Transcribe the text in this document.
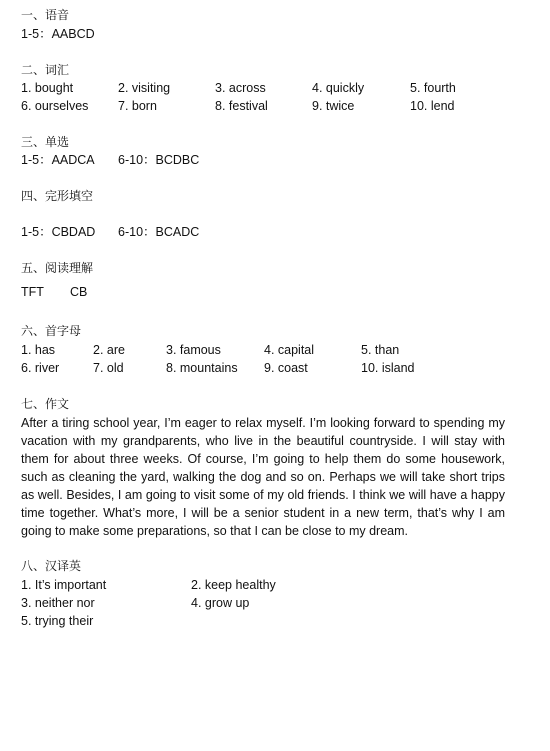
一、语音
1-5：AABCD
二、词汇
1. bought	2. visiting	3. across	4. quickly	5. fourth
6. ourselves 7. born	8. festival	9. twice	10. lend
三、单选
1-5：AADCA 6-10：BCDBC
四、完形填空
1-5：CBDAD 6-10：BCADC
五、阅读理解
TFT CB
六、首字母
1. has	2. are	3. famous	4. capital	5. than
6. river	7. old	8. mountains 9. coast	10. island
七、作文
After a tiring school year, I’m eager to relax myself. I’m looking forward to spending my vacation with my grandparents, who live in the beautiful countryside. I will stay with them for about three weeks. Of course, I’m going to help them do some housework, such as cleaning the yard, walking the dog and so on. Perhaps we will take short trips as well. Besides, I am going to visit some of my old friends. I think we will have a happy time together. What’s more, I will be a senior student in a new term, that’s why I am going to make some preparations, so that I can be close to my dream.
八、汉译英
1. It’s important	2. keep healthy
3. neither nor	4. grow up
5. trying their
